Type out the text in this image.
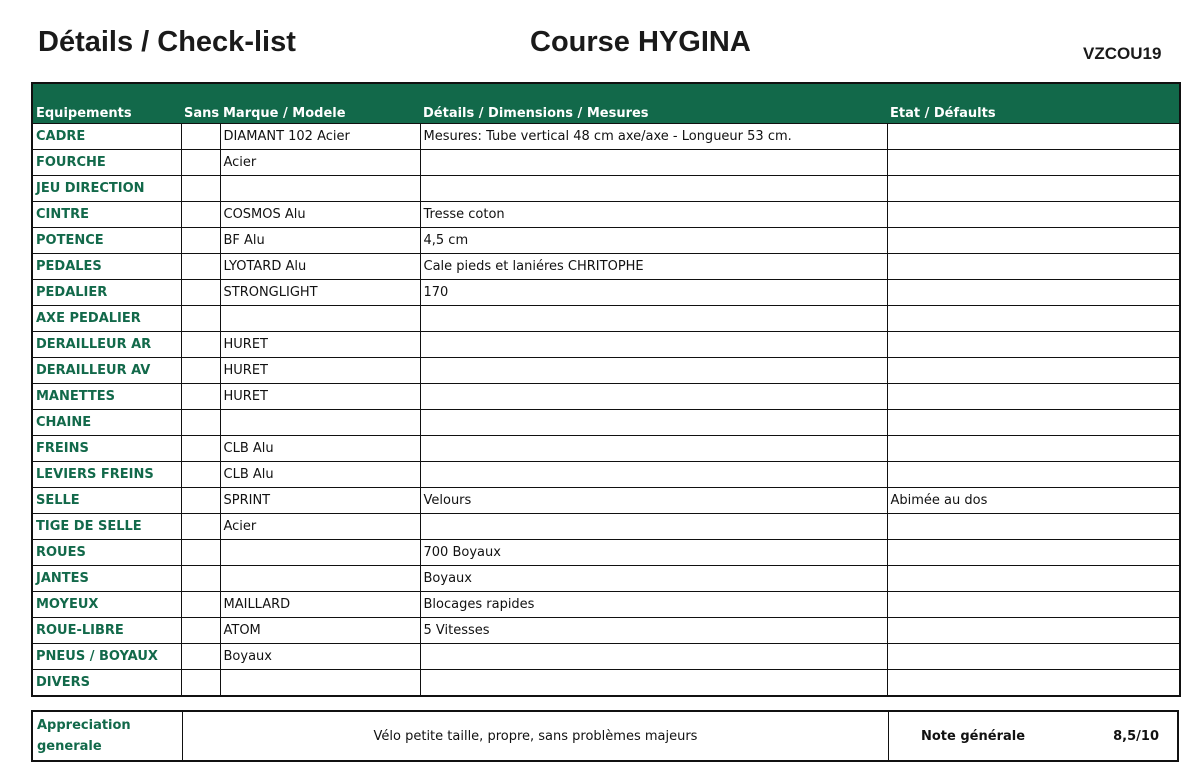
Détails / Check-list	Course HYGINA	VZCOU19
Equipements	Sans	Marque / Modele	Détails / Dimensions / Mesures	Etat / Défaults
CADRE		DIAMANT 102 Acier	Mesures: Tube vertical 48 cm axe/axe - Longueur 53 cm.	
FOURCHE		Acier		
JEU DIRECTION				
CINTRE		COSMOS Alu	Tresse coton	
POTENCE		BF Alu	4,5 cm	
PEDALES		LYOTARD Alu	Cale pieds et laniéres CHRITOPHE	
PEDALIER		STRONGLIGHT	170	
AXE PEDALIER				
DERAILLEUR AR		HURET		
DERAILLEUR AV		HURET		
MANETTES		HURET		
CHAINE				
FREINS		CLB Alu		
LEVIERS FREINS		CLB Alu		
SELLE		SPRINT	Velours	Abimée au dos
TIGE DE SELLE		Acier		
ROUES			700 Boyaux	
JANTES			Boyaux	
MOYEUX		MAILLARD	Blocages rapides	
ROUE-LIBRE		ATOM	5 Vitesses	
PNEUS / BOYAUX		Boyaux		
DIVERS				
Appreciation
generale
	Vélo petite taille, propre, sans problèmes majeurs	Note générale	8,5/10
